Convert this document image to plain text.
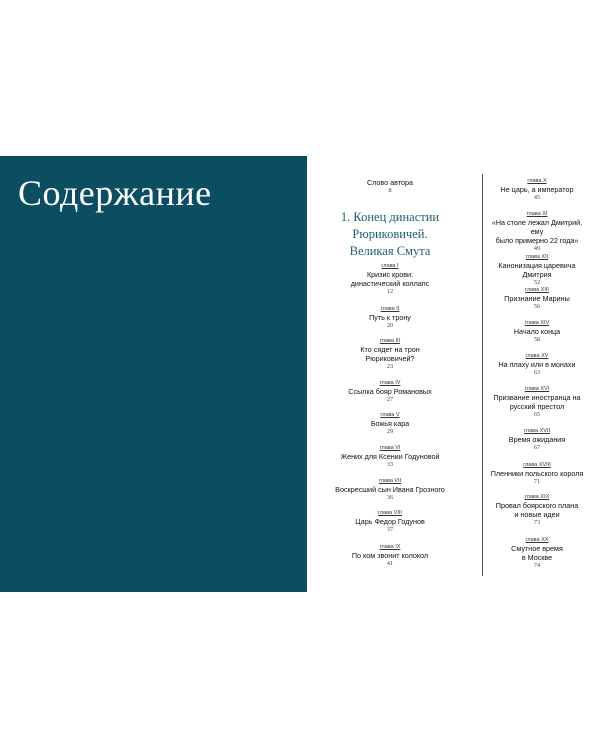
Содержание	Слово автора
8
1. Конец династии
Рюриковичей.
Великая Смута
глава I
Кризис крови:
династический коллапс
12
глава II
Путь к трону
20
глава III
Кто сядет на трон
Рюриковичей?
23
глава IV
Ссылка бояр Романовых
27
глава V
Божья кара
29
глава VI
Жених для Ксении Годуновой
33
глава VII
Воскресший сын Ивана Грозного
36
глава VIII
Царь Федор Годунов
37
глава IX
По ком звонит колокол
41
глава X
Не царь, а император
45
глава XI
«На столе лежал Дмитрий, ему
было примерно 22 года»
49
глава XII
Канонизация царевича Дмитрия
52
глава XIII
Признание Марины
56
глава XIV
Начало конца
58
глава XV
На плаху или в монахи
63
глава XVI
Призвание иностранца на
русский престол
65
глава XVII
Время ожидания
67
глава XVIII
Пленники польского короля
71
глава XIX
Провал боярского плана
и новые идеи
73
глава XX
Смутное время
в Москве
74
